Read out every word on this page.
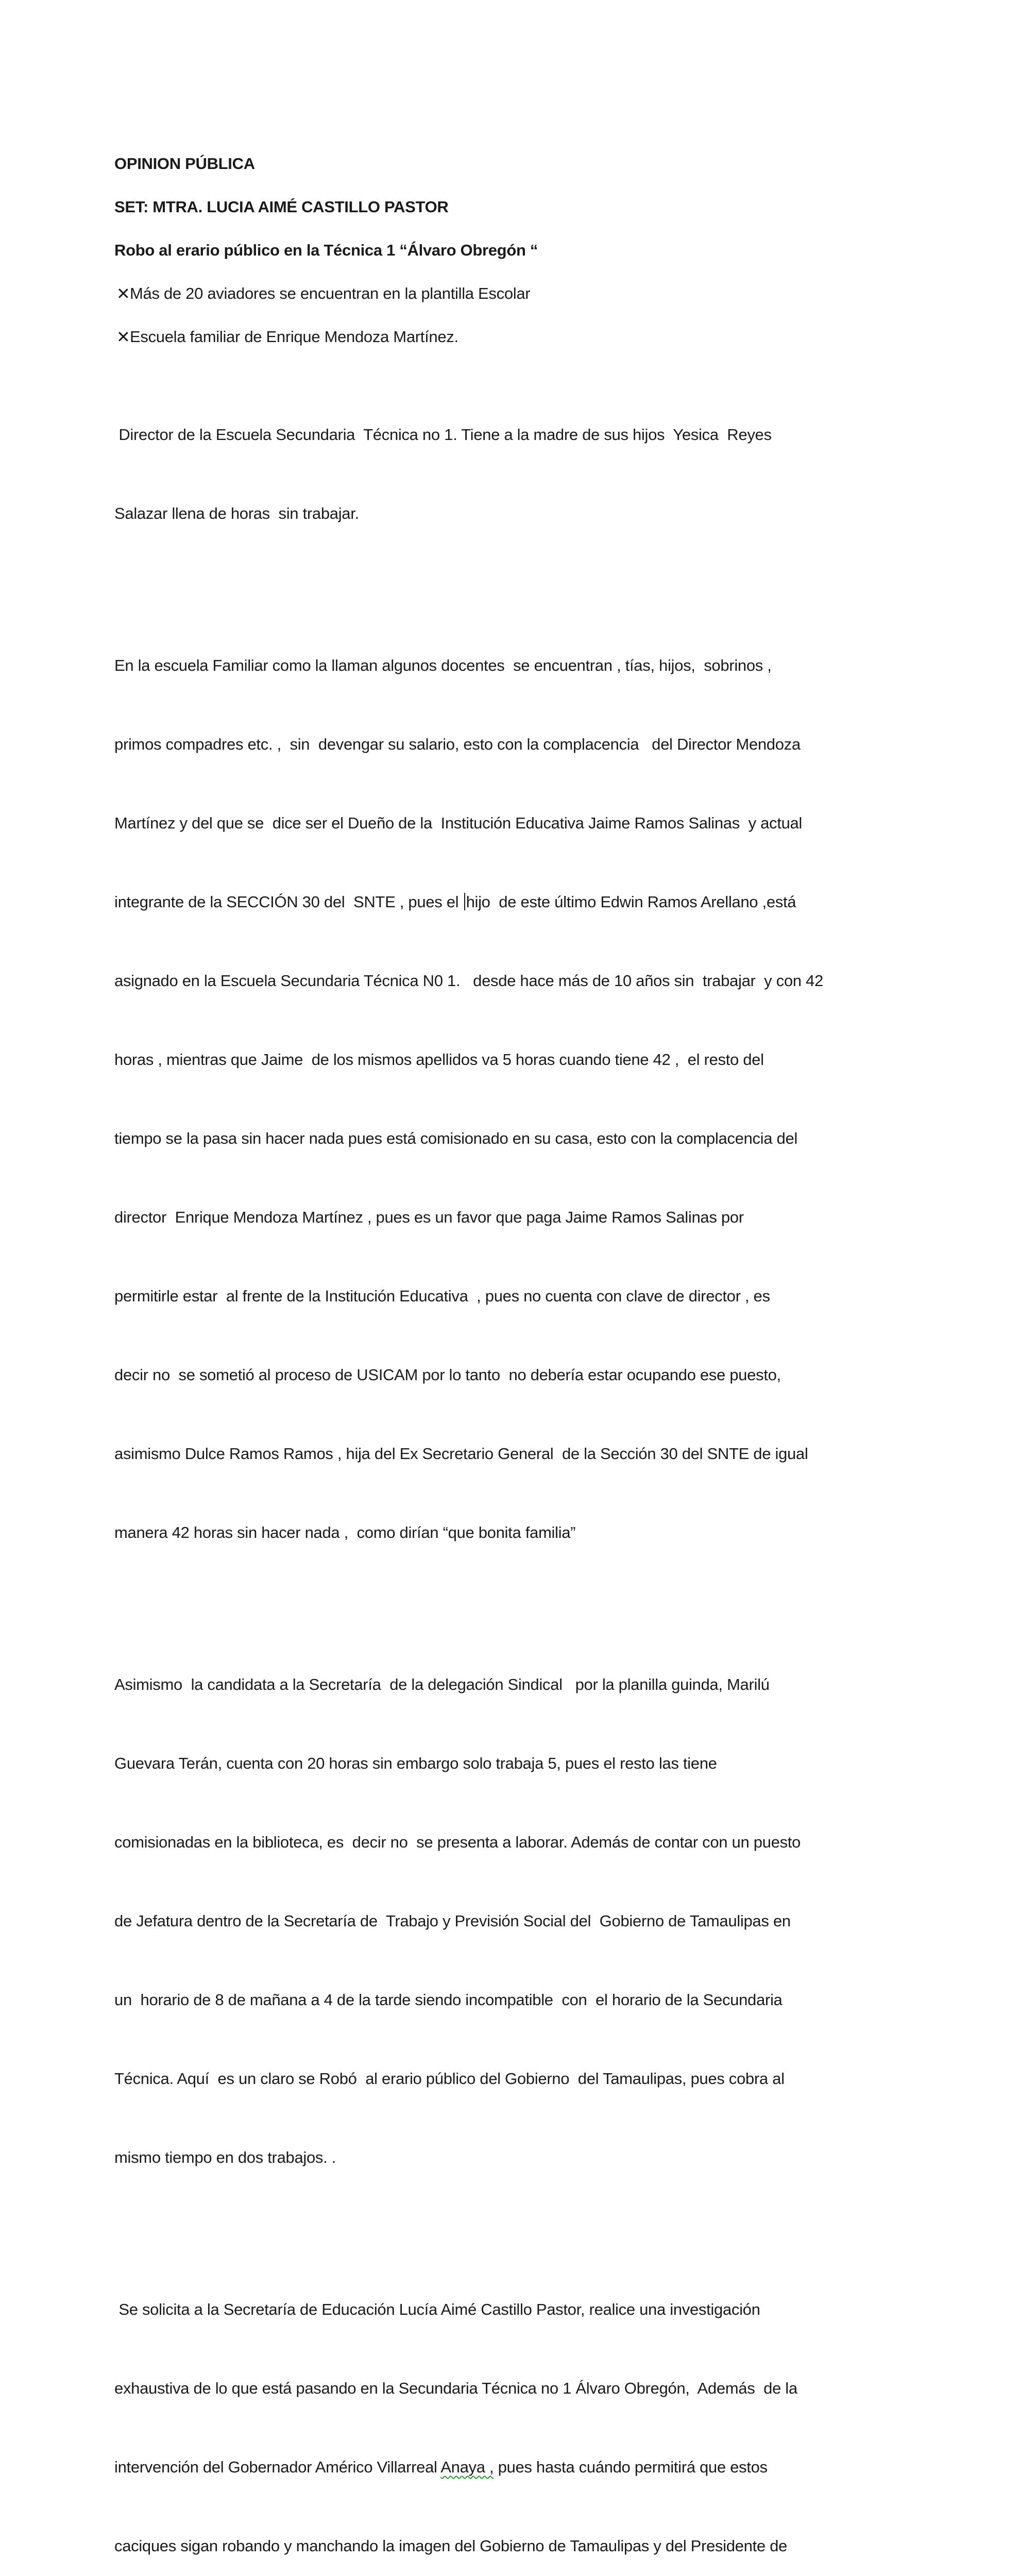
OPINION PÚBLICA
SET: MTRA. LUCIA AIMÉ CASTILLO PASTOR
Robo al erario público en la Técnica 1 “Álvaro Obregón “
✕ Más de 20 aviadores se encuentran en la plantilla Escolar
✕ Escuela familiar de Enrique Mendoza Martínez.

Director de la Escuela Secundaria  Técnica no 1. Tiene a la madre de sus hijos  Yesica  Reyes

Salazar llena de horas  sin trabajar.

En la escuela Familiar como la llaman algunos docentes  se encuentran , tías, hijos,  sobrinos ,

primos compadres etc. ,  sin  devengar su salario, esto con la complacencia   del Director Mendoza

Martínez y del que se  dice ser el Dueño de la  Institución Educativa Jaime Ramos Salinas  y actual

integrante de la SECCIÓN 30 del  SNTE , pues el hijo  de este último Edwin Ramos Arellano ,está

asignado en la Escuela Secundaria Técnica N0 1.   desde hace más de 10 años sin  trabajar  y con 42

horas , mientras que Jaime  de los mismos apellidos va 5 horas cuando tiene 42 ,  el resto del

tiempo se la pasa sin hacer nada pues está comisionado en su casa, esto con la complacencia del

director  Enrique Mendoza Martínez , pues es un favor que paga Jaime Ramos Salinas por

permitirle estar  al frente de la Institución Educativa  , pues no cuenta con clave de director , es

decir no  se sometió al proceso de USICAM por lo tanto  no debería estar ocupando ese puesto,

asimismo Dulce Ramos Ramos , hija del Ex Secretario General  de la Sección 30 del SNTE de igual

manera 42 horas sin hacer nada ,  como dirían “que bonita familia”

Asimismo  la candidata a la Secretaría  de la delegación Sindical   por la planilla guinda, Marilú

Guevara Terán, cuenta con 20 horas sin embargo solo trabaja 5, pues el resto las tiene

comisionadas en la biblioteca, es  decir no  se presenta a laborar. Además de contar con un puesto

de Jefatura dentro de la Secretaría de  Trabajo y Previsión Social del  Gobierno de Tamaulipas en

un  horario de 8 de mañana a 4 de la tarde siendo incompatible  con  el horario de la Secundaria

Técnica. Aquí  es un claro se Robó  al erario público del Gobierno  del Tamaulipas, pues cobra al

mismo tiempo en dos trabajos. .

Se solicita a la Secretaría de Educación Lucía Aimé Castillo Pastor, realice una investigación

exhaustiva de lo que está pasando en la Secundaria Técnica no 1 Álvaro Obregón,  Además  de la

intervención del Gobernador Américo Villarreal Anaya , pues hasta cuándo permitirá que estos

caciques sigan robando y manchando la imagen del Gobierno de Tamaulipas y del Presidente de
